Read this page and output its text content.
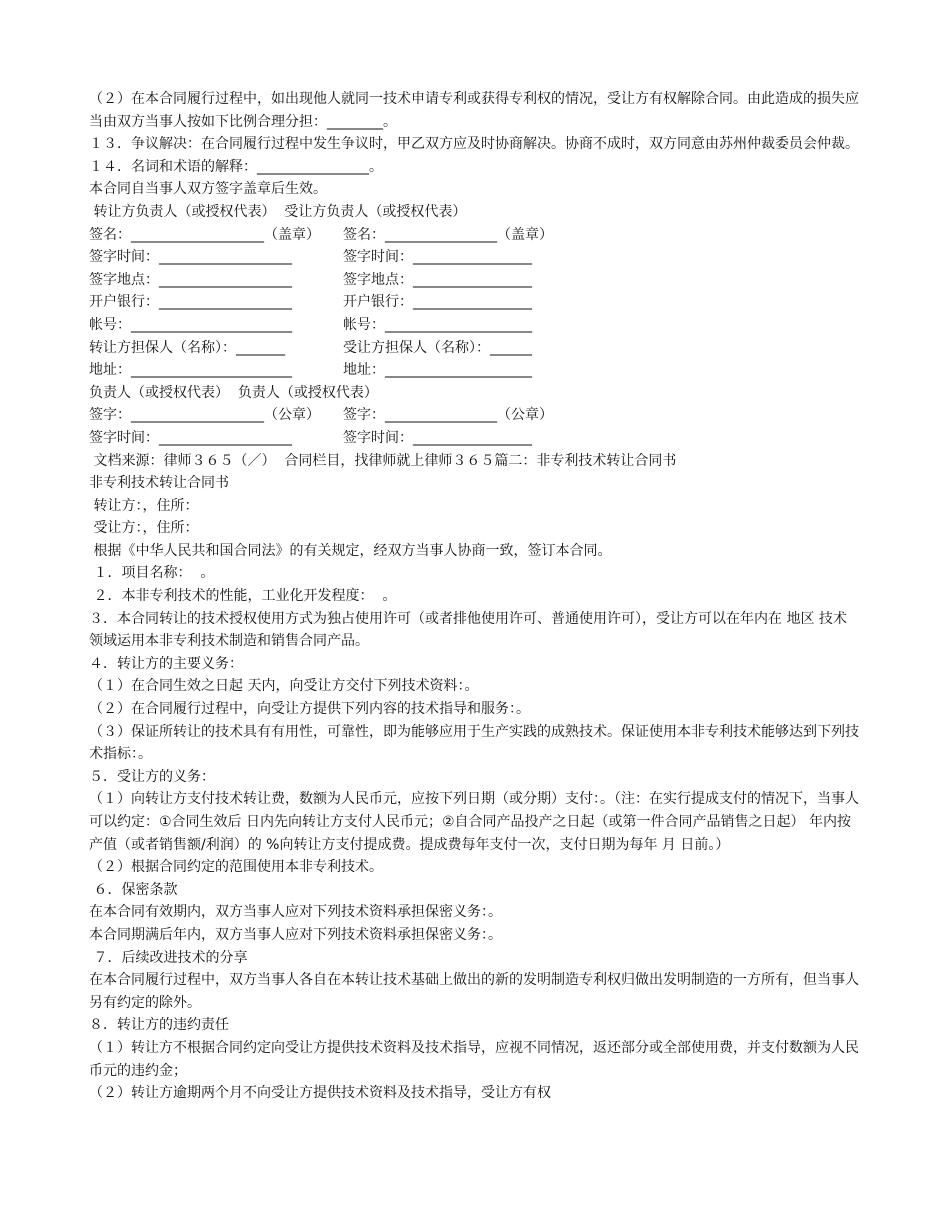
（２）在本合同履行过程中，如出现他人就同一技术申请专利或获得专利权的情况，受让方有权解除合同。由此造成的损失应当由双方当事人按如下比例合理分担：________。
１３．争议解决：在合同履行过程中发生争议时，甲乙双方应及时协商解决。协商不成时，双方同意由苏州仲裁委员会仲裁。
１４．名词和术语的解释：________________。
本合同自当事人双方签字盖章后生效。
转让方负责人（或授权代表）  受让方负责人（或授权代表）
签名：___________________（盖章）	签名：________________（盖章）
签字时间：___________________	签字时间：_________________
签字地点：___________________	签字地点：_________________
开户银行：___________________	开户银行：_________________
帐号：_______________________	帐号：_____________________
转让方担保人（名称）：_______	受让方担保人（名称）：______
地址：_______________________	地址：_____________________
负责人（或授权代表）  负责人（或授权代表）
签字：___________________（公章）	签字：________________（公章）
签字时间：___________________	签字时间：_________________
文档来源：律师３６５（／）  合同栏目，找律师就上律师３６５篇二：非专利技术转让合同书
非专利技术转让合同书
转让方：，住所：
受让方：，住所：
根据《中华人民共和国合同法》的有关规定，经双方当事人协商一致，签订本合同。
１．项目名称：  。
２．本非专利技术的性能，工业化开发程度：  。
３．本合同转让的技术授权使用方式为独占使用许可（或者排他使用许可、普通使用许可），受让方可以在年内在 地区 技术领域运用本非专利技术制造和销售合同产品。
４．转让方的主要义务：
（１）在合同生效之日起 天内，向受让方交付下列技术资料：。
（２）在合同履行过程中，向受让方提供下列内容的技术指导和服务：。
（３）保证所转让的技术具有有用性，可靠性，即为能够应用于生产实践的成熟技术。保证使用本非专利技术能够达到下列技术指标：。
５．受让方的义务：
（１）向转让方支付技术转让费，数额为人民币元，应按下列日期（或分期）支付：。（注：在实行提成支付的情况下，当事人可以约定：①合同生效后 日内先向转让方支付人民币元；②自合同产品投产之日起（或第一件合同产品销售之日起） 年内按产值（或者销售额/利润）的 %向转让方支付提成费。提成费每年支付一次，支付日期为每年 月 日前。）
（２）根据合同约定的范围使用本非专利技术。
６．保密条款
在本合同有效期内，双方当事人应对下列技术资料承担保密义务：。
本合同期满后年内，双方当事人应对下列技术资料承担保密义务：。
７．后续改进技术的分享
在本合同履行过程中，双方当事人各自在本转让技术基础上做出的新的发明制造专利权归做出发明制造的一方所有，但当事人另有约定的除外。
８．转让方的违约责任
（１）转让方不根据合同约定向受让方提供技术资料及技术指导，应视不同情况，返还部分或全部使用费，并支付数额为人民币元的违约金；
（２）转让方逾期两个月不向受让方提供技术资料及技术指导，受让方有权
